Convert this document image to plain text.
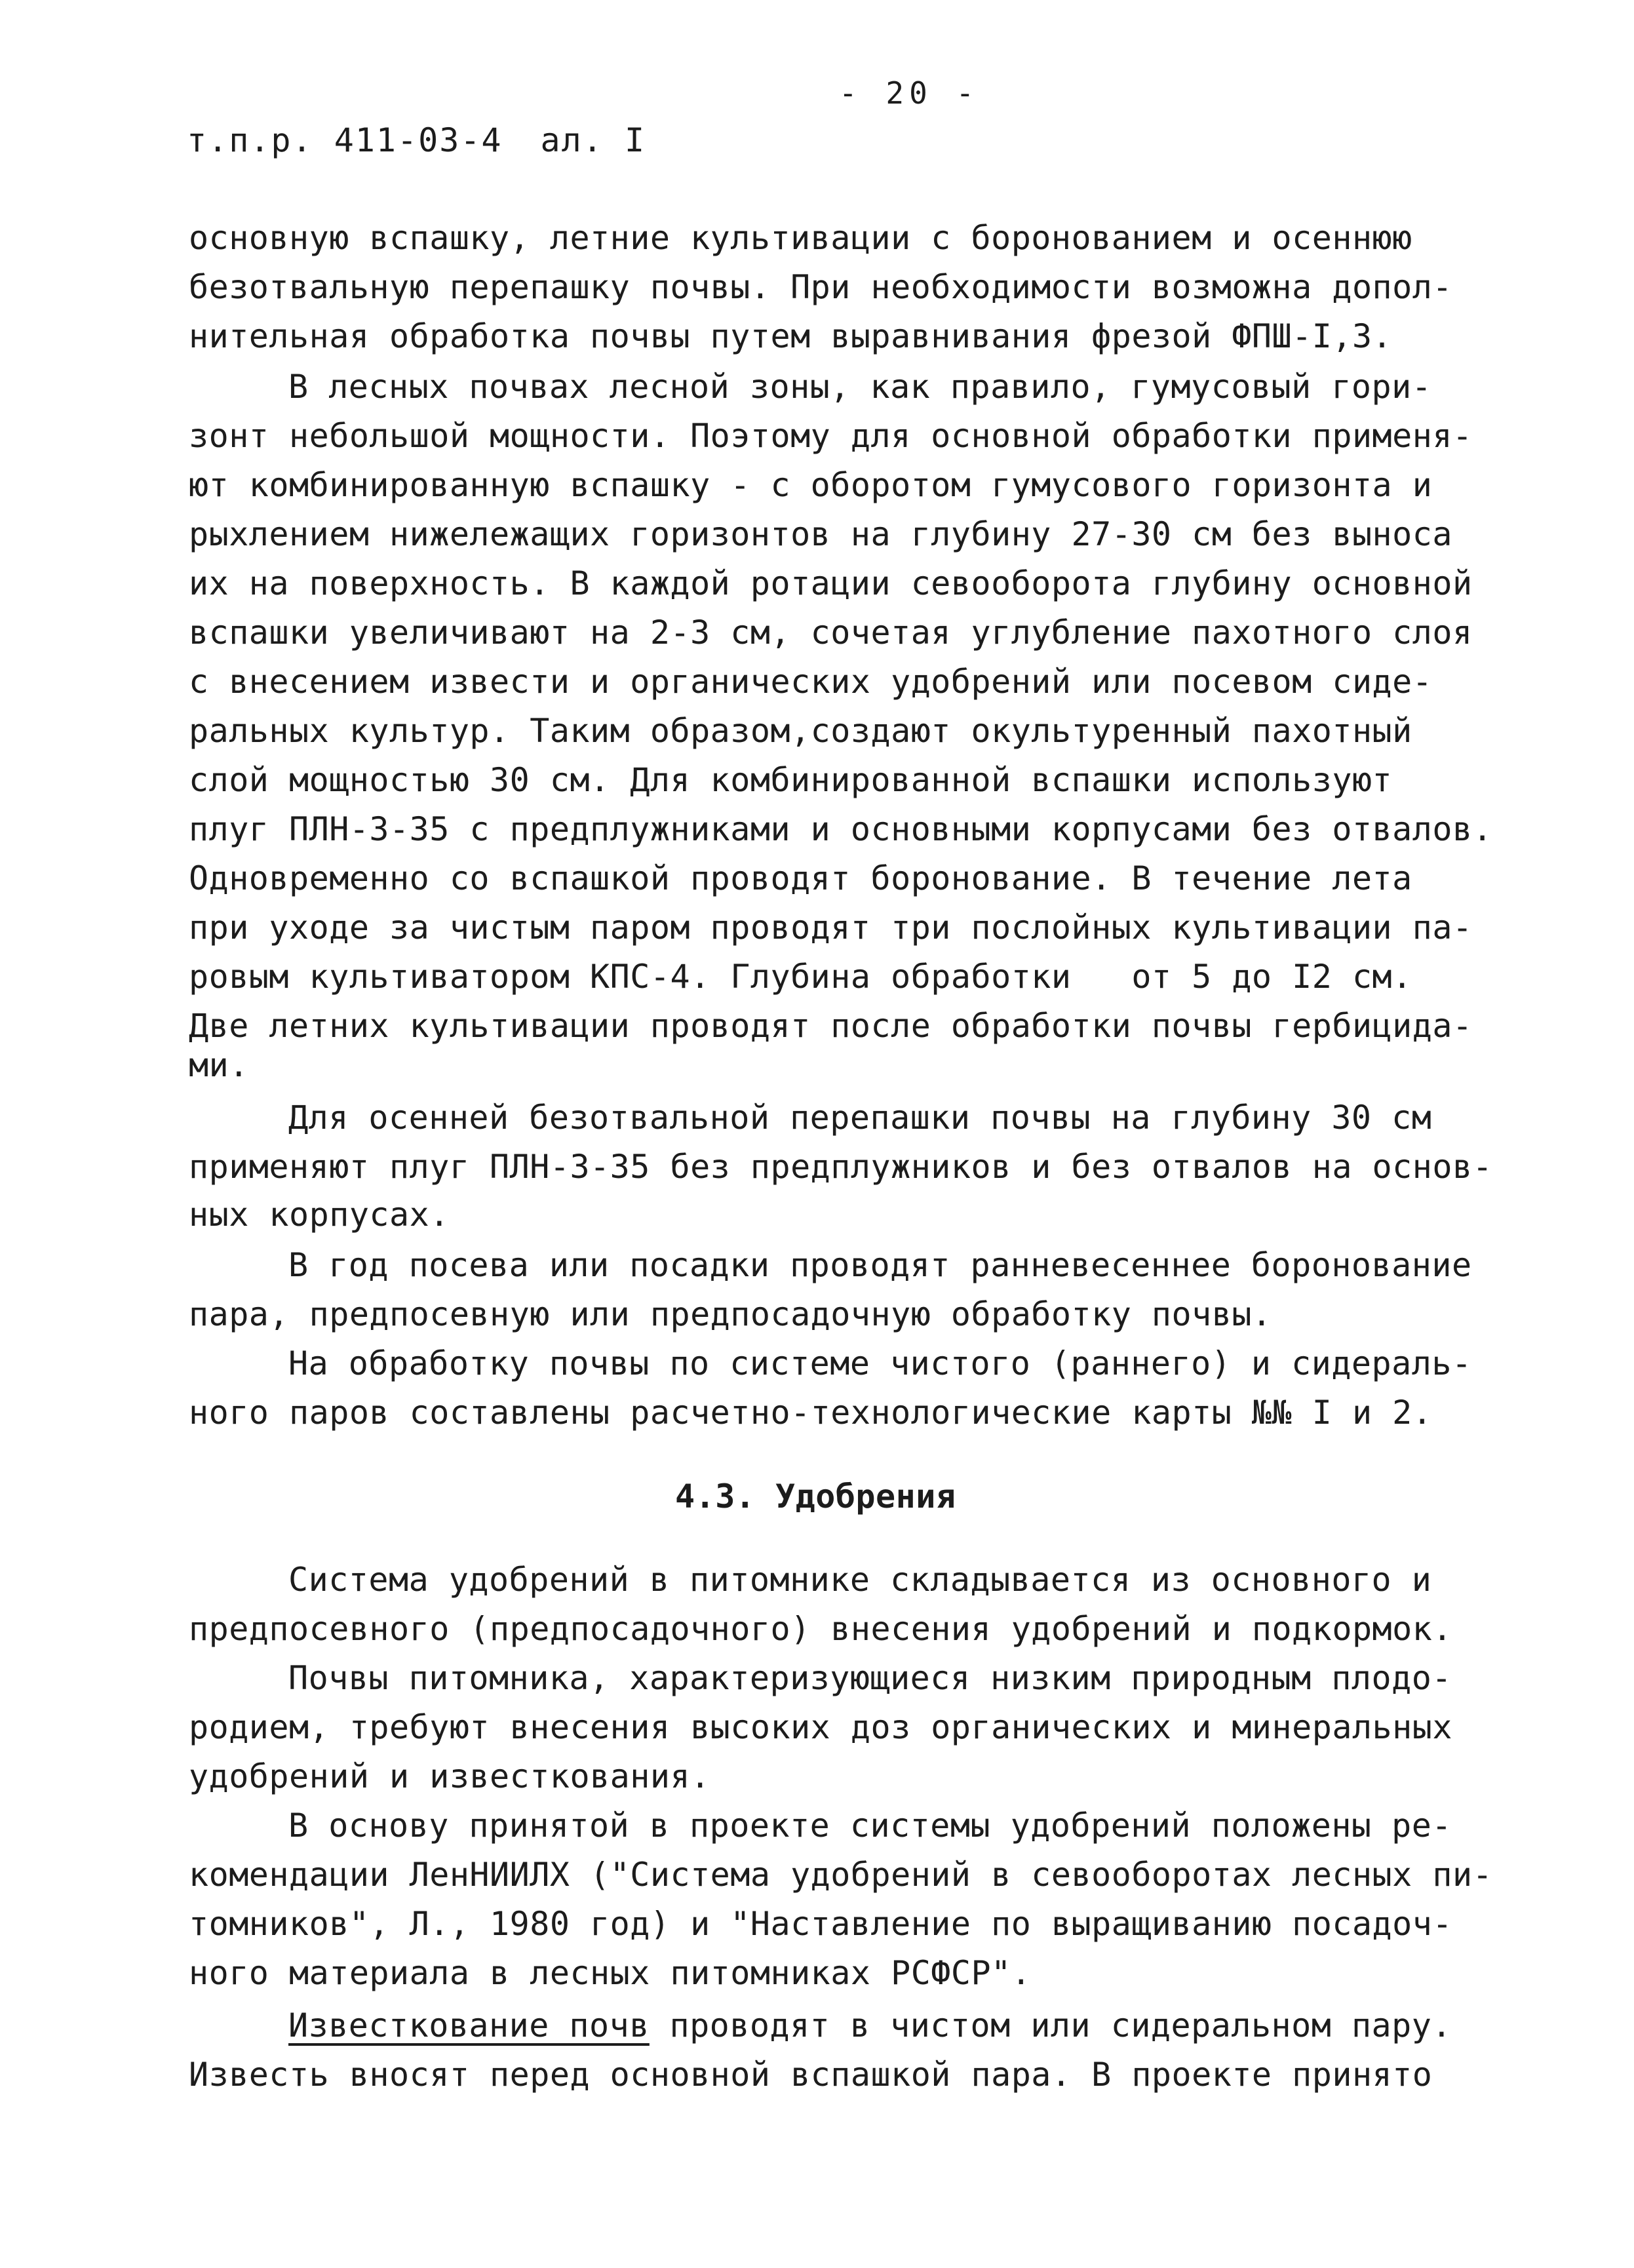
- 20 -
т.п.р. 411-03-4 ал. I
основную вспашку, летние культивации с боронованием и осеннюю
безотвальную перепашку почвы. При необходимости возможна допол-
нительная обработка почвы путем выравнивания фрезой ФПШ-I,3.
В лесных почвах лесной зоны, как правило, гумусовый гори-
зонт небольшой мощности. Поэтому для основной обработки применя-
ют комбинированную вспашку - с оборотом гумусового горизонта и
рыхлением нижележащих горизонтов на глубину 27-30 см без выноса
их на поверхность. В каждой ротации севооборота глубину основной
вспашки увеличивают на 2-3 см, сочетая углубление пахотного слоя
с внесением извести и органических удобрений или посевом сиде-
ральных культур. Таким образом,создают окультуренный пахотный
слой мощностью 30 см. Для комбинированной вспашки используют
плуг ПЛН-3-35 с предплужниками и основными корпусами без отвалов.
Одновременно со вспашкой проводят боронование. В течение лета
при уходе за чистым паром проводят три послойных культивации па-
ровым культиватором КПС-4. Глубина обработки   от 5 до I2 см.
Две летних культивации проводят после обработки почвы гербицида-
ми.
Для осенней безотвальной перепашки почвы на глубину 30 см
применяют плуг ПЛН-3-35 без предплужников и без отвалов на основ-
ных корпусах.
В год посева или посадки проводят ранневесеннее боронование
пара, предпосевную или предпосадочную обработку почвы.
На обработку почвы по системе чистого (раннего) и сидераль-
ного паров составлены расчетно-технологические карты №№ I и 2.
4.3. Удобрения
Система удобрений в питомнике складывается из основного и
предпосевного (предпосадочного) внесения удобрений и подкормок.
Почвы питомника, характеризующиеся низким природным плодо-
родием, требуют внесения высоких доз органических и минеральных
удобрений и известкования.
В основу принятой в проекте системы удобрений положены ре-
комендации ЛенНИИЛХ ("Система удобрений в севооборотах лесных пи-
томников", Л., 1980 год) и "Наставление по выращиванию посадоч-
ного материала в лесных питомниках РСФСР".
Известкование почв проводят в чистом или сидеральном пару.
Известь вносят перед основной вспашкой пара. В проекте принято
